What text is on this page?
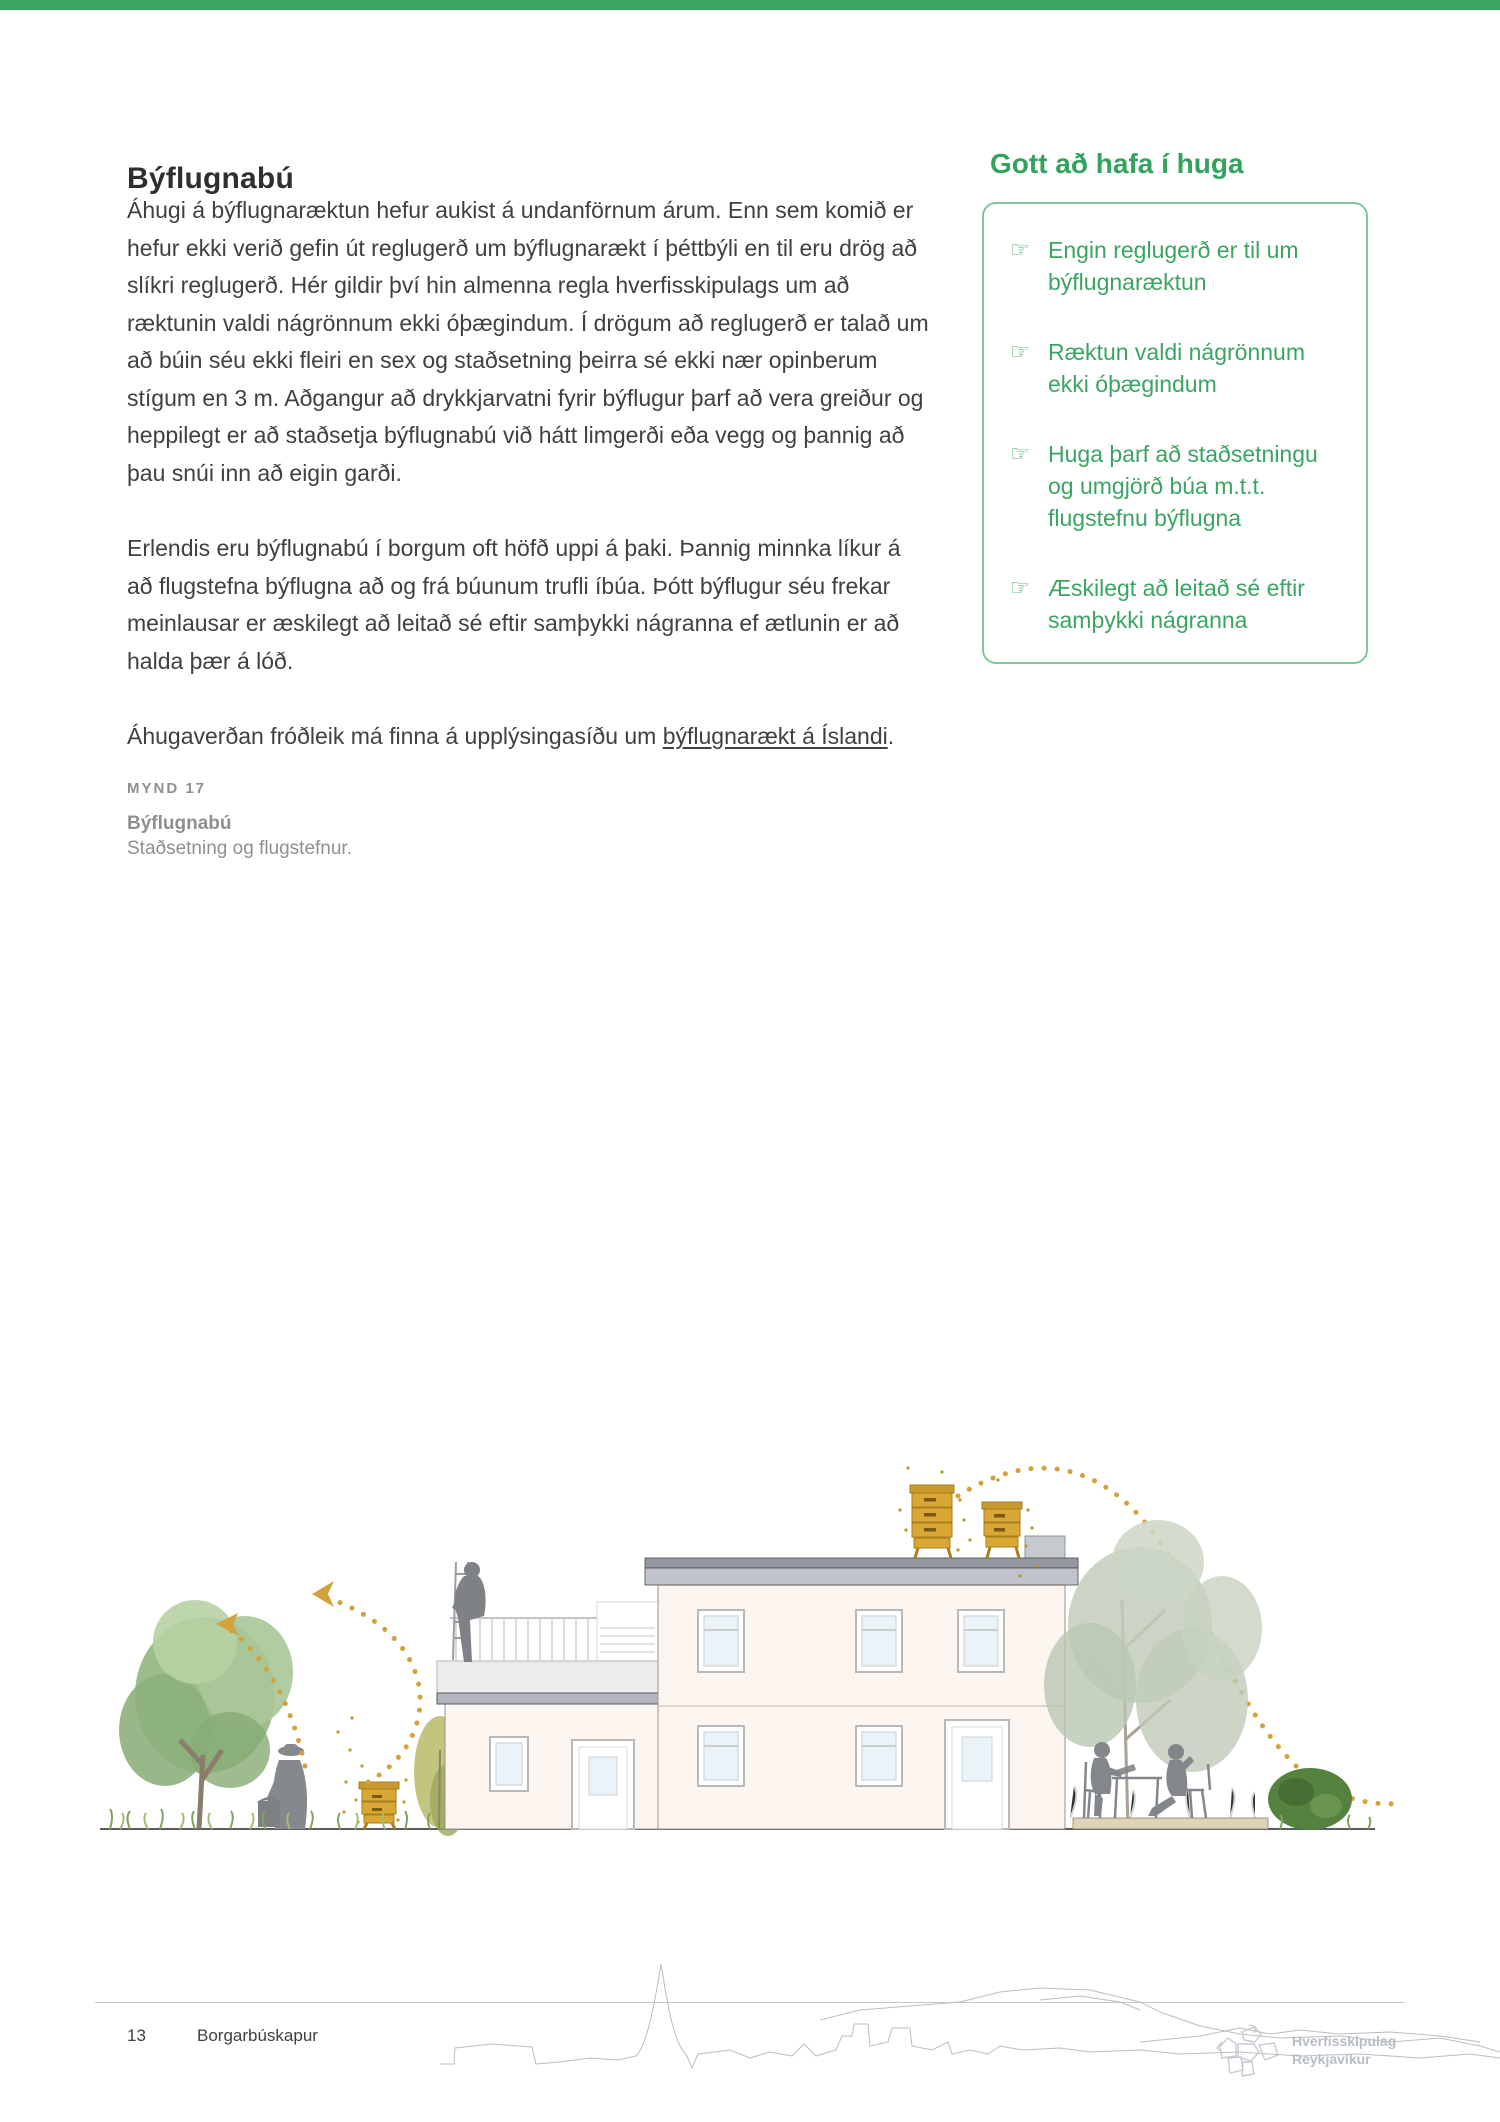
Býflugnabú

Áhugi á býflugnaræktun hefur aukist á undanförnum árum. Enn sem komið er hefur ekki verið gefin út reglugerð um býflugnarækt í þéttbýli en til eru drög að slíkri reglugerð. Hér gildir því hin almenna regla hverfisskipulags um að ræktunin valdi nágrönnum ekki óþægindum. Í drögum að reglugerð er talað um að búin séu ekki fleiri en sex og staðsetning þeirra sé ekki nær opinberum stígum en 3 m. Aðgangur að drykkjarvatni fyrir býflugur þarf að vera greiður og heppilegt er að staðsetja býflugnabú við hátt limgerði eða vegg og þannig að þau snúi inn að eigin garði.

Erlendis eru býflugnabú í borgum oft höfð uppi á þaki. Þannig minnka líkur á að flugstefna býflugna að og frá búunum trufli íbúa. Þótt býflugur séu frekar meinlausar er æskilegt að leitað sé eftir samþykki nágranna ef ætlunin er að halda þær á lóð.

Áhugaverðan fróðleik má finna á upplýsingasíðu um býflugnarækt á Íslandi.

Gott að hafa í huga
☞ Engin reglugerð er til um býflugnaræktun
☞ Ræktun valdi nágrönnum ekki óþægindum
☞ Huga þarf að staðsetningu og umgjörð búa m.t.t. flugstefnu býflugna
☞ Æskilegt að leitað sé eftir samþykki nágranna
MYND 17
Býflugnabú
Staðsetning og flugstefnur.
13	Borgarbúskapur	Hverfisskipulag
Reykjavíkur
